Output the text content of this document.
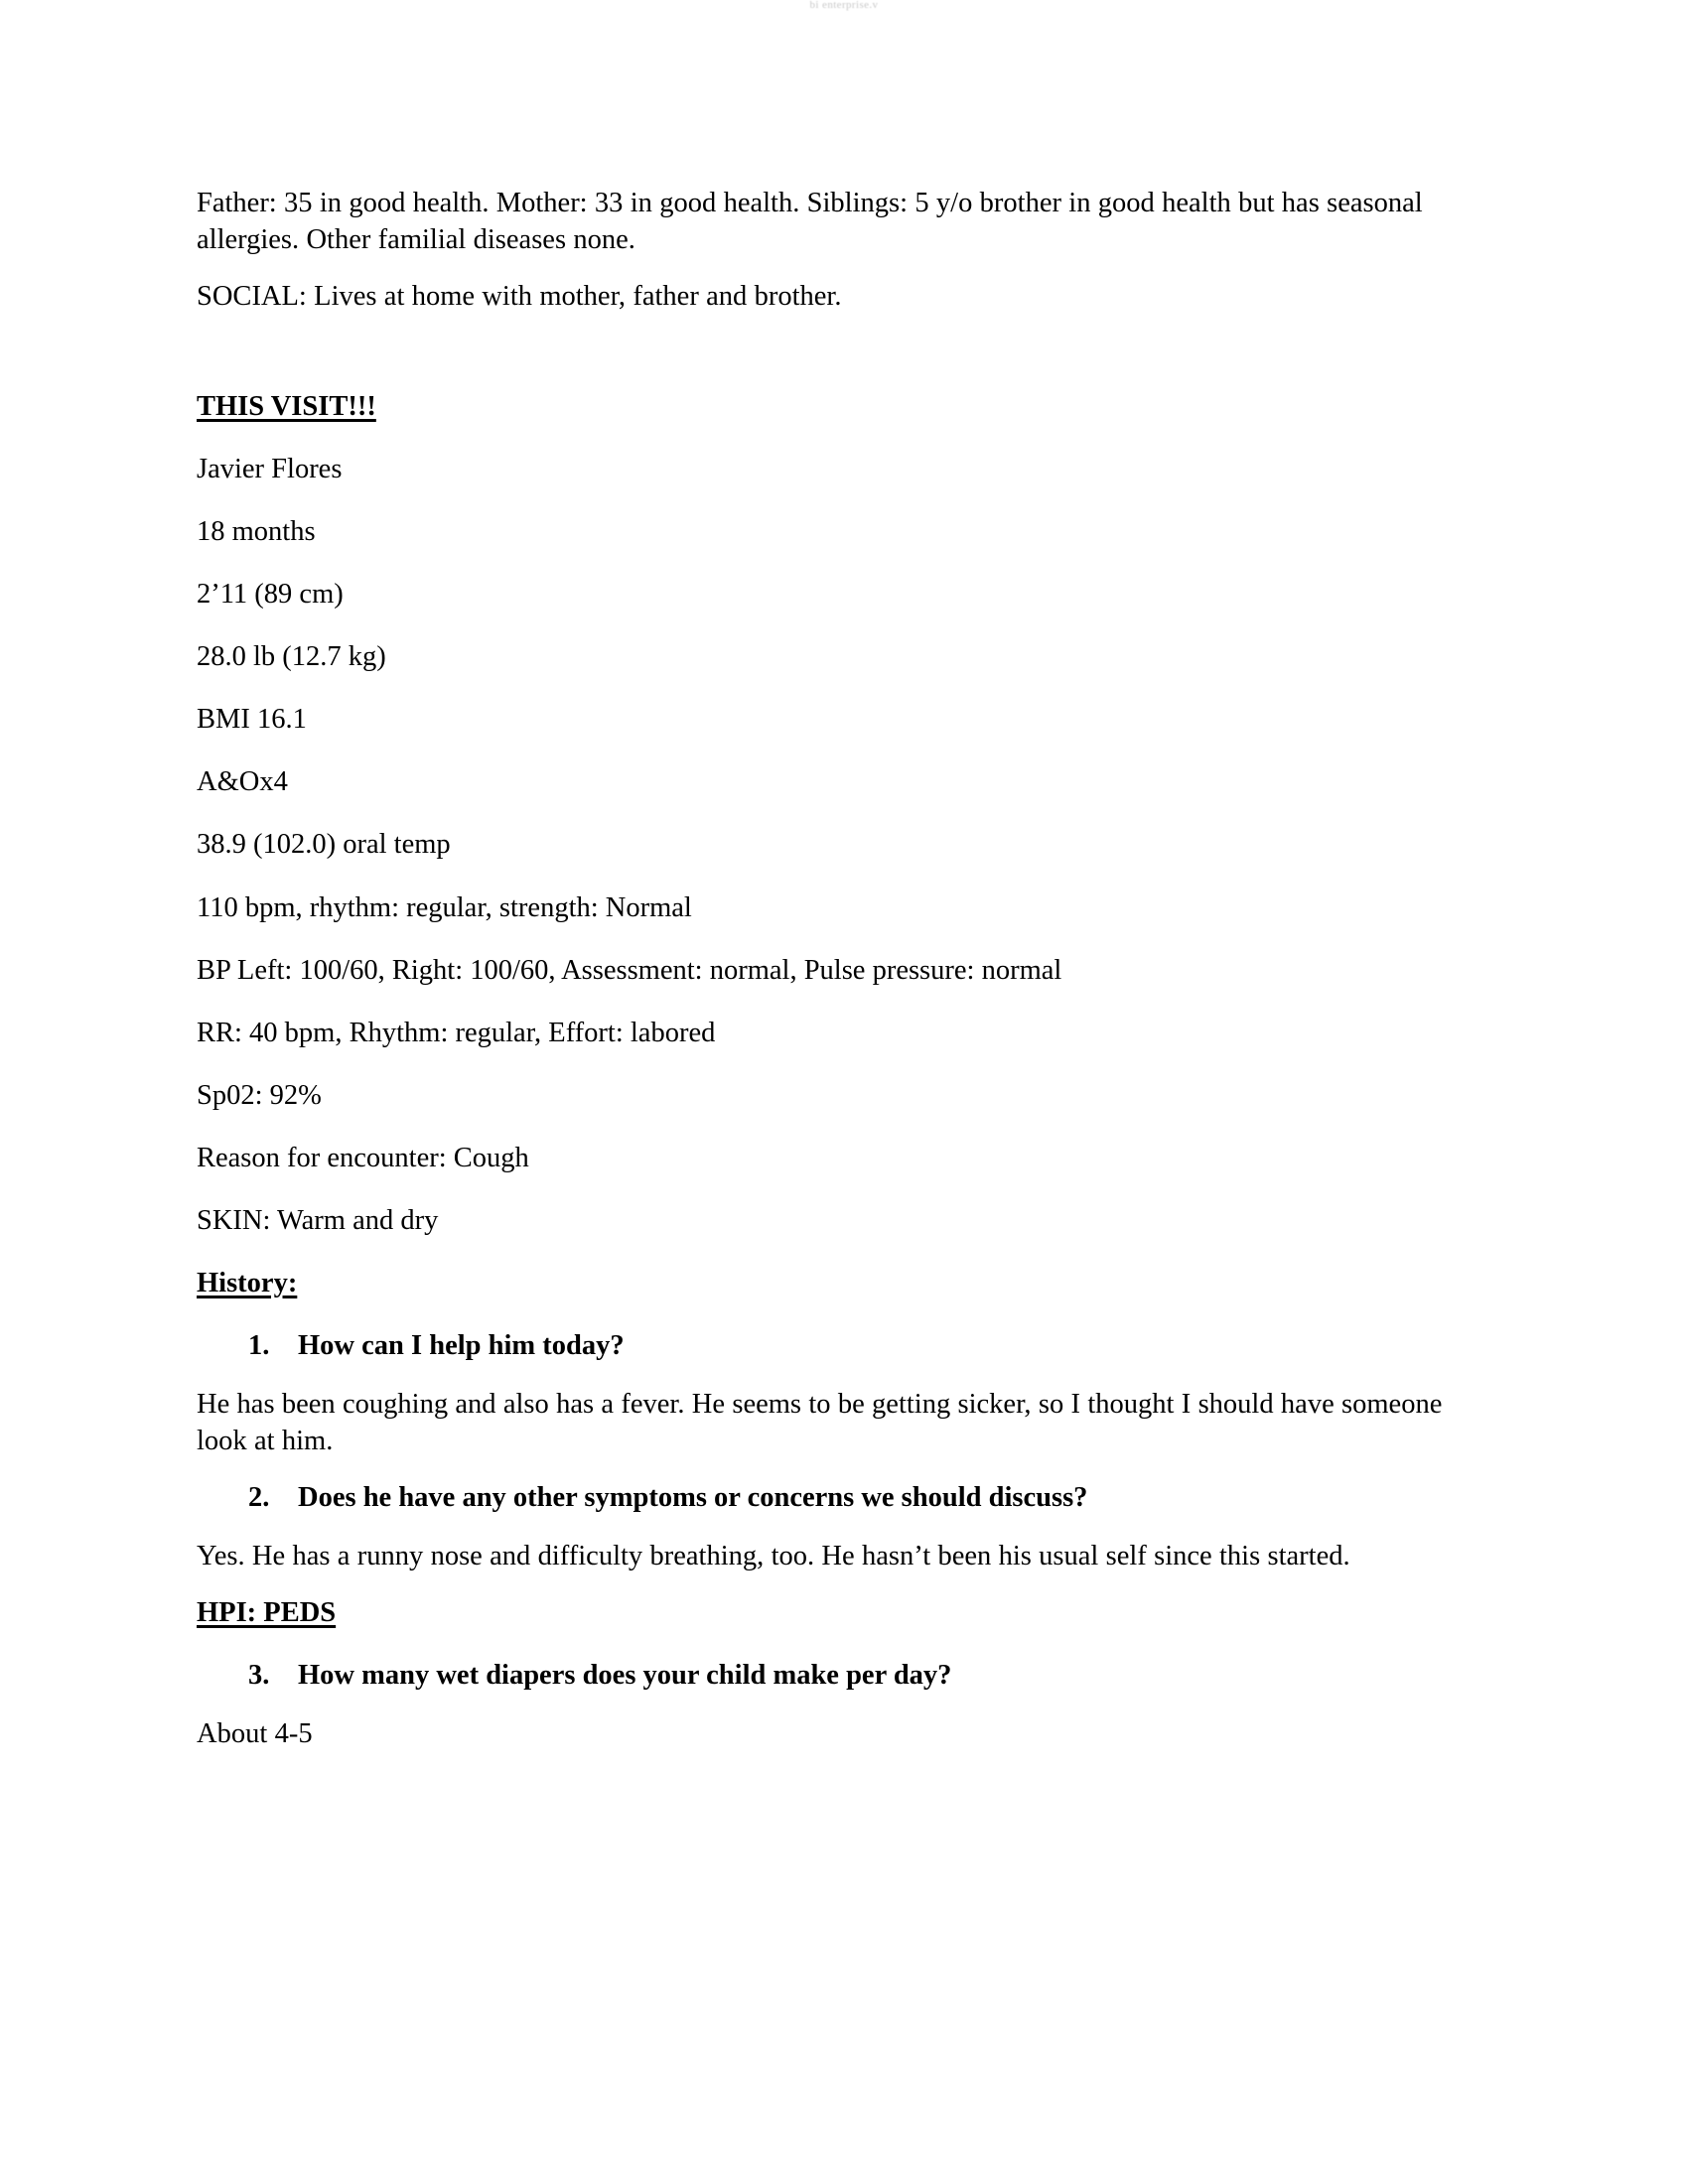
bi enterprise.v

Father: 35 in good health. Mother: 33 in good health. Siblings: 5 y/o brother in good health but has seasonal allergies. Other familial diseases none.

SOCIAL: Lives at home with mother, father and brother.

THIS VISIT!!!

Javier Flores

18 months

2’11 (89 cm)

28.0 lb (12.7 kg)

BMI 16.1

A&Ox4

38.9 (102.0) oral temp

110 bpm, rhythm: regular, strength: Normal

BP Left: 100/60, Right: 100/60, Assessment: normal, Pulse pressure: normal

RR: 40 bpm, Rhythm: regular, Effort: labored

Sp02: 92%

Reason for encounter: Cough

SKIN: Warm and dry

History:
1. How can I help him today?

He has been coughing and also has a fever. He seems to be getting sicker, so I thought I should have someone look at him.

2. Does he have any other symptoms or concerns we should discuss?

Yes. He has a runny nose and difficulty breathing, too. He hasn’t been his usual self since this started.

HPI: PEDS
3. How many wet diapers does your child make per day?

About 4-5
